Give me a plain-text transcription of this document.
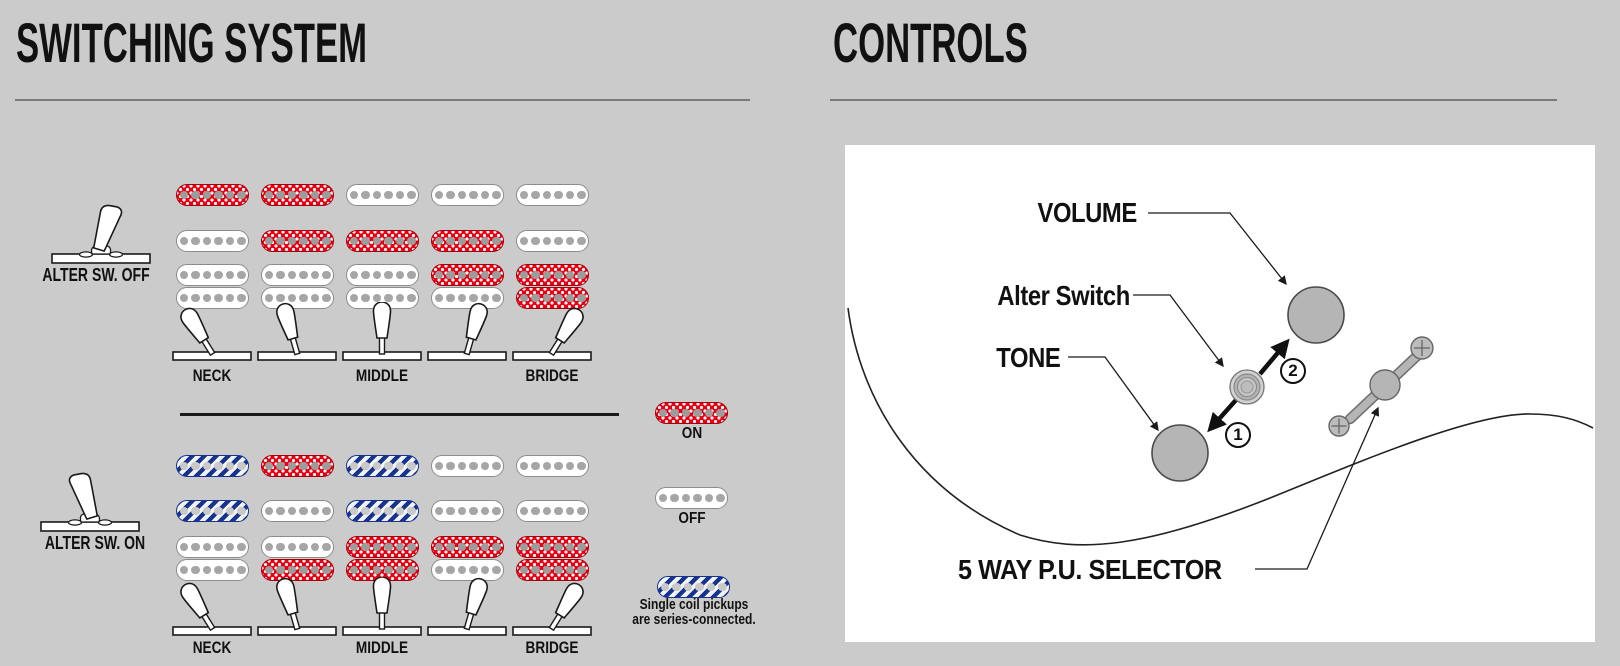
SWITCHING SYSTEM	CONTROLS
NECK	MIDDLE	BRIDGE
NECK	MIDDLE	BRIDGE
ALTER SW. OFF
ALTER SW. ON
ON
OFF
Single coil pickups
are series-connected.
VOLUME
Alter Switch
TONE
5 WAY P.U. SELECTOR
1
2
